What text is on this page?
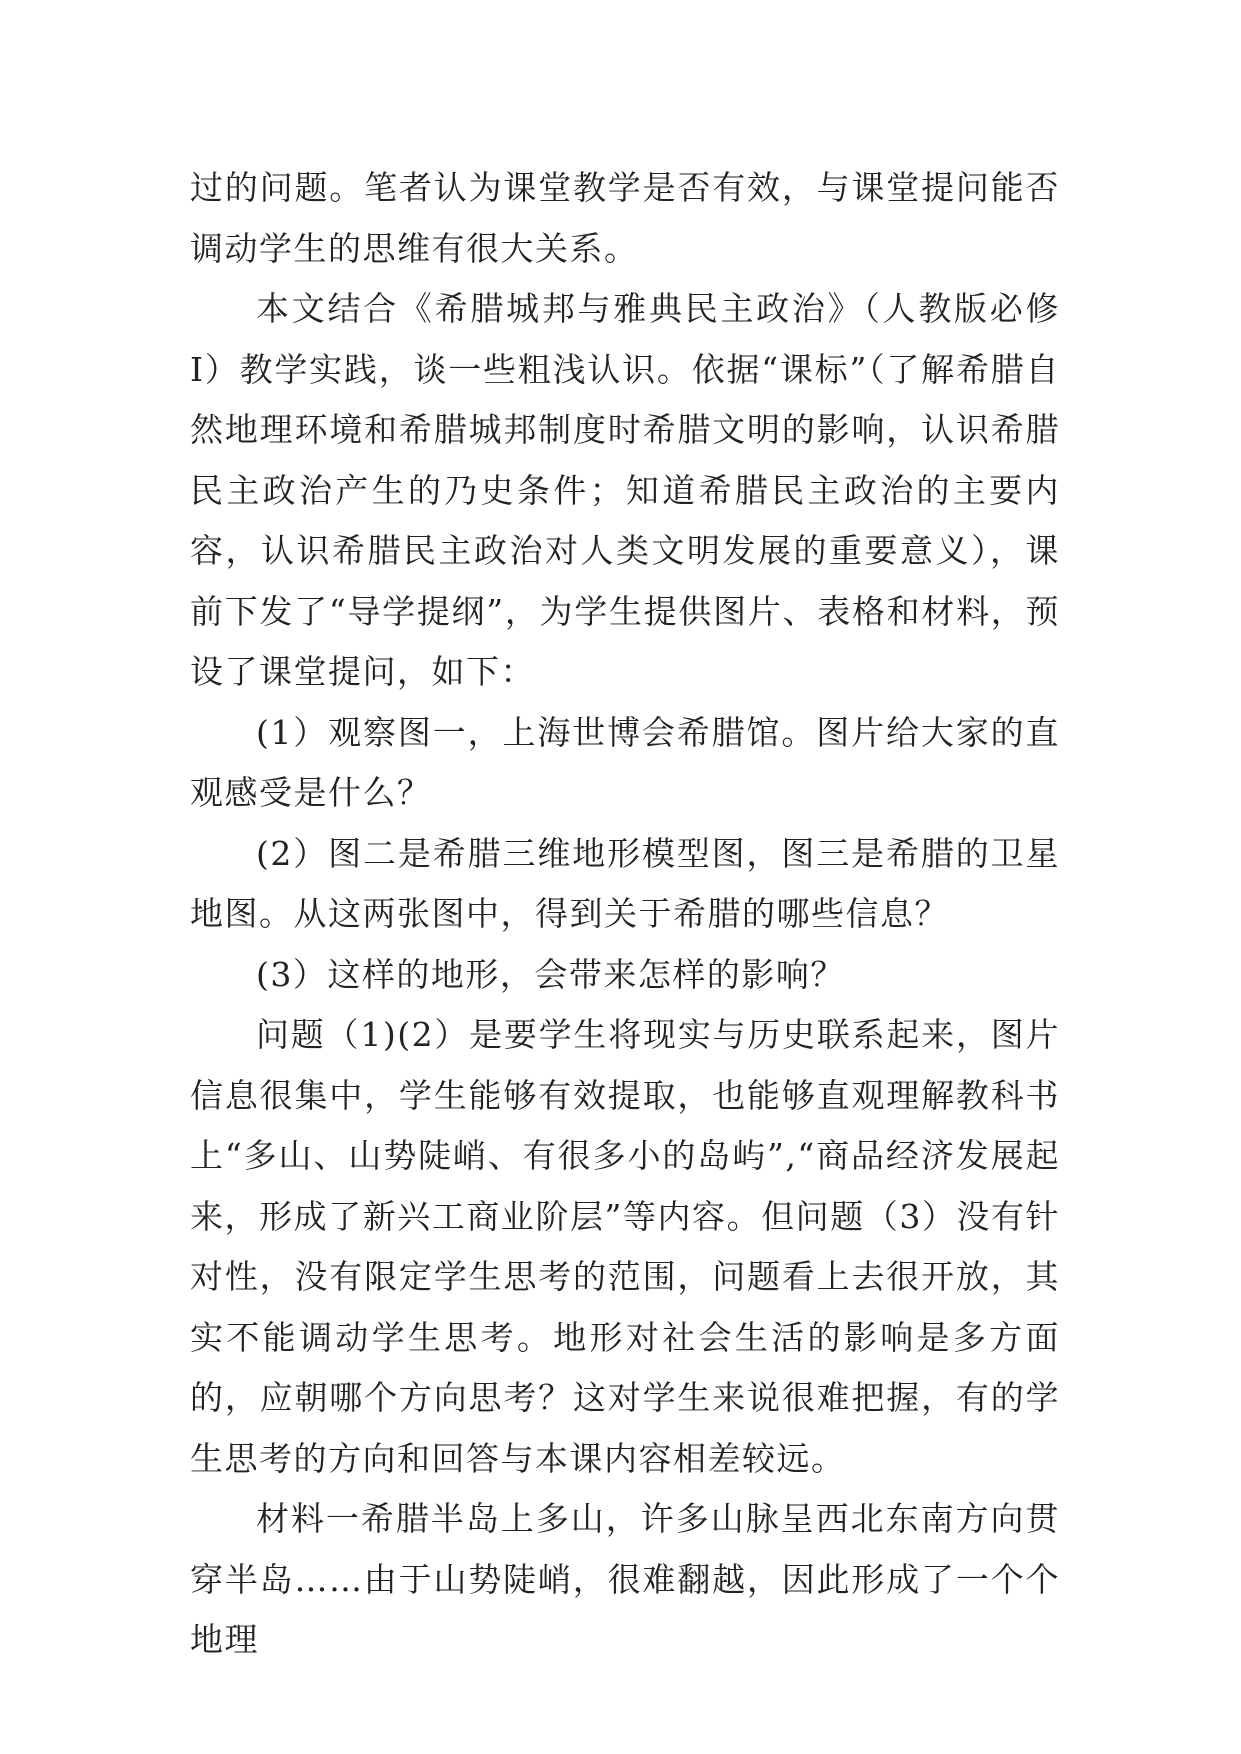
过的问题。笔者认为课堂教学是否有效，与课堂提问能否调动学生的思维有很大关系。

本文结合《希腊城邦与雅典民主政治》（人教版必修Ⅰ）教学实践，谈一些粗浅认识。依据“课标”（了解希腊自然地理环境和希腊城邦制度时希腊文明的影响，认识希腊民主政治产生的乃史条件；知道希腊民主政治的主要内容，认识希腊民主政治对人类文明发展的重要意义），课前下发了“导学提纲”，为学生提供图片、表格和材料，预设了课堂提问，如下：

(1）观察图一，上海世博会希腊馆。图片给大家的直观感受是什么？

(2）图二是希腊三维地形模型图，图三是希腊的卫星地图。从这两张图中，得到关于希腊的哪些信息？

(3）这样的地形，会带来怎样的影响？

问题（1)(2）是要学生将现实与历史联系起来，图片信息很集中，学生能够有效提取，也能够直观理解教科书上“多山、山势陡峭、有很多小的岛屿”,“商品经济发展起来，形成了新兴工商业阶层”等内容。但问题（3）没有针对性，没有限定学生思考的范围，问题看上去很开放，其实不能调动学生思考。地形对社会生活的影响是多方面的，应朝哪个方向思考？这对学生来说很难把握，有的学生思考的方向和回答与本课内容相差较远。

材料一希腊半岛上多山，许多山脉呈西北东南方向贯穿半岛……由于山势陡峭，很难翻越，因此形成了一个个地理
